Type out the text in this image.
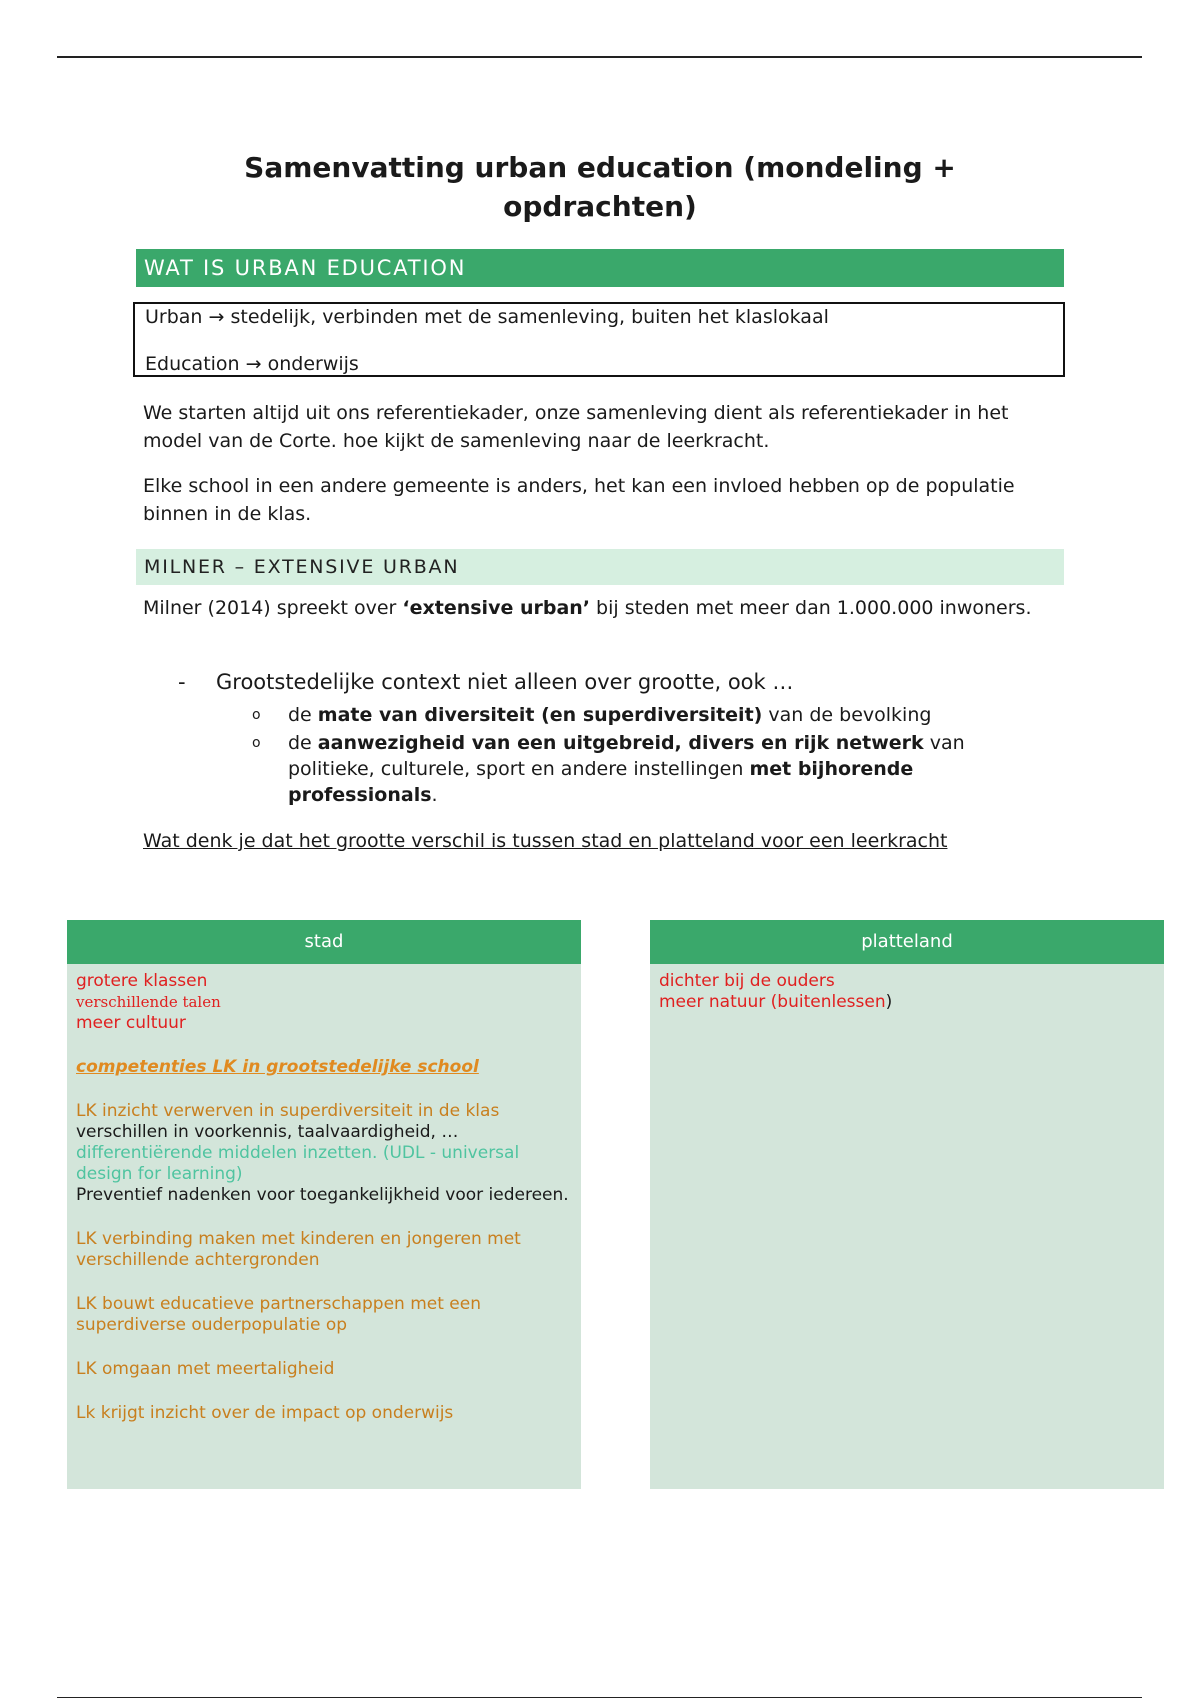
Samenvatting urban education (mondeling + opdrachten)
WAT IS URBAN EDUCATION
Urban → stedelijk, verbinden met de samenleving, buiten het klaslokaal
Education → onderwijs

We starten altijd uit ons referentiekader, onze samenleving dient als referentiekader in het model van de Corte. hoe kijkt de samenleving naar de leerkracht.

Elke school in een andere gemeente is anders, het kan een invloed hebben op de populatie binnen in de klas.

MILNER – EXTENSIVE URBAN

Milner (2014) spreekt over ‘extensive urban’ bij steden met meer dan 1.000.000 inwoners.

-	Grootstedelijke context niet alleen over grootte, ook …
o de mate van diversiteit (en superdiversiteit) van de bevolking
o de aanwezigheid van een uitgebreid, divers en rijk netwerk van politieke, culturele, sport en andere instellingen met bijhorende professionals.
Wat denk je dat het grootte verschil is tussen stad en platteland voor een leerkracht
stad
grotere klassen
verschillende talen
meer cultuur
competenties LK in grootstedelijke school
LK inzicht verwerven in superdiversiteit in de klas
verschillen in voorkennis, taalvaardigheid, …
differentiërende middelen inzetten. (UDL - universal design for learning)
Preventief nadenken voor toegankelijkheid voor iedereen.
LK verbinding maken met kinderen en jongeren met verschillende achtergronden
LK bouwt educatieve partnerschappen met een superdiverse ouderpopulatie op
LK omgaan met meertaligheid
Lk krijgt inzicht over de impact op onderwijs
platteland
dichter bij de ouders
meer natuur (buitenlessen)
